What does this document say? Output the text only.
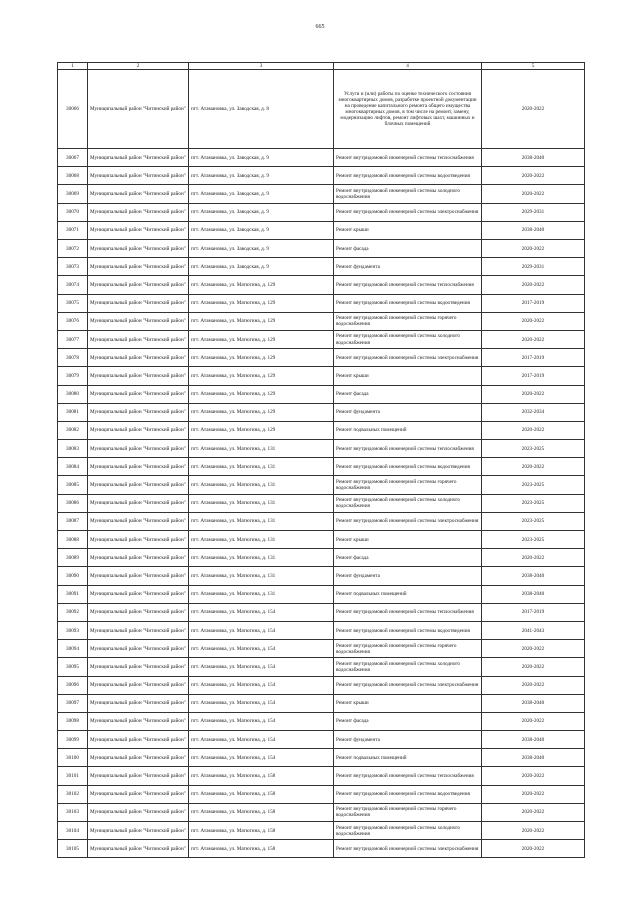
665
1	2	3	4	5
30066	Муниципальный район "Читинский район"	пгт. Атамановка, ул. Заводская, д. 8	Услуги и (или) работы по оценке технического состояния многоквартирных домов, разработке проектной документации на проведение капитального ремонта общего имущества многоквартирных домов, в том числе на ремонт, замену, модернизацию лифтов, ремонт лифтовых шахт, машинных и блочных помещений	2020-2022
30067	Муниципальный район "Читинский район"	пгт. Атамановка, ул. Заводская, д. 9	Ремонт внутридомовой инженерной системы теплоснабжения	2038-2040
30068	Муниципальный район "Читинский район"	пгт. Атамановка, ул. Заводская, д. 9	Ремонт внутридомовой инженерной системы водоотведения	2020-2022
30069	Муниципальный район "Читинский район"	пгт. Атамановка, ул. Заводская, д. 9	Ремонт внутридомовой инженерной системы холодного водоснабжения	2020-2022
30070	Муниципальный район "Читинский район"	пгт. Атамановка, ул. Заводская, д. 9	Ремонт внутридомовой инженерной системы электроснабжения	2029-2031
30071	Муниципальный район "Читинский район"	пгт. Атамановка, ул. Заводская, д. 9	Ремонт крыши	2038-2040
30072	Муниципальный район "Читинский район"	пгт. Атамановка, ул. Заводская, д. 9	Ремонт фасада	2020-2022
30073	Муниципальный район "Читинский район"	пгт. Атамановка, ул. Заводская, д. 9	Ремонт фундамента	2029-2031
30074	Муниципальный район "Читинский район"	пгт. Атамановка, ул. Матюгина, д. 129	Ремонт внутридомовой инженерной системы теплоснабжения	2020-2022
30075	Муниципальный район "Читинский район"	пгт. Атамановка, ул. Матюгина, д. 129	Ремонт внутридомовой инженерной системы водоотведения	2017-2019
30076	Муниципальный район "Читинский район"	пгт. Атамановка, ул. Матюгина, д. 129	Ремонт внутридомовой инженерной системы горячего водоснабжения	2020-2022
30077	Муниципальный район "Читинский район"	пгт. Атамановка, ул. Матюгина, д. 129	Ремонт внутридомовой инженерной системы холодного водоснабжения	2020-2022
30078	Муниципальный район "Читинский район"	пгт. Атамановка, ул. Матюгина, д. 129	Ремонт внутридомовой инженерной системы электроснабжения	2017-2019
30079	Муниципальный район "Читинский район"	пгт. Атамановка, ул. Матюгина, д. 129	Ремонт крыши	2017-2019
30080	Муниципальный район "Читинский район"	пгт. Атамановка, ул. Матюгина, д. 129	Ремонт фасада	2020-2022
30081	Муниципальный район "Читинский район"	пгт. Атамановка, ул. Матюгина, д. 129	Ремонт фундамента	2032-2034
30082	Муниципальный район "Читинский район"	пгт. Атамановка, ул. Матюгина, д. 129	Ремонт подвальных помещений	2020-2022
30083	Муниципальный район "Читинский район"	пгт. Атамановка, ул. Матюгина, д. 131	Ремонт внутридомовой инженерной системы теплоснабжения	2023-2025
30084	Муниципальный район "Читинский район"	пгт. Атамановка, ул. Матюгина, д. 131	Ремонт внутридомовой инженерной системы водоотведения	2020-2022
30085	Муниципальный район "Читинский район"	пгт. Атамановка, ул. Матюгина, д. 131	Ремонт внутридомовой инженерной системы горячего водоснабжения	2023-2025
30086	Муниципальный район "Читинский район"	пгт. Атамановка, ул. Матюгина, д. 131	Ремонт внутридомовой инженерной системы холодного водоснабжения	2023-2025
30087	Муниципальный район "Читинский район"	пгт. Атамановка, ул. Матюгина, д. 131	Ремонт внутридомовой инженерной системы электроснабжения	2023-2025
30088	Муниципальный район "Читинский район"	пгт. Атамановка, ул. Матюгина, д. 131	Ремонт крыши	2023-2025
30089	Муниципальный район "Читинский район"	пгт. Атамановка, ул. Матюгина, д. 131	Ремонт фасада	2020-2022
30090	Муниципальный район "Читинский район"	пгт. Атамановка, ул. Матюгина, д. 131	Ремонт фундамента	2038-2040
30091	Муниципальный район "Читинский район"	пгт. Атамановка, ул. Матюгина, д. 131	Ремонт подвальных помещений	2038-2040
30092	Муниципальный район "Читинский район"	пгт. Атамановка, ул. Матюгина, д. 154	Ремонт внутридомовой инженерной системы теплоснабжения	2017-2019
30093	Муниципальный район "Читинский район"	пгт. Атамановка, ул. Матюгина, д. 154	Ремонт внутридомовой инженерной системы водоотведения	2041-2043
30094	Муниципальный район "Читинский район"	пгт. Атамановка, ул. Матюгина, д. 154	Ремонт внутридомовой инженерной системы горячего водоснабжения	2020-2022
30095	Муниципальный район "Читинский район"	пгт. Атамановка, ул. Матюгина, д. 154	Ремонт внутридомовой инженерной системы холодного водоснабжения	2020-2022
30096	Муниципальный район "Читинский район"	пгт. Атамановка, ул. Матюгина, д. 154	Ремонт внутридомовой инженерной системы электроснабжения	2020-2022
30097	Муниципальный район "Читинский район"	пгт. Атамановка, ул. Матюгина, д. 154	Ремонт крыши	2038-2040
30098	Муниципальный район "Читинский район"	пгт. Атамановка, ул. Матюгина, д. 154	Ремонт фасада	2020-2022
30099	Муниципальный район "Читинский район"	пгт. Атамановка, ул. Матюгина, д. 154	Ремонт фундамента	2038-2040
30100	Муниципальный район "Читинский район"	пгт. Атамановка, ул. Матюгина, д. 154	Ремонт подвальных помещений	2038-2040
30101	Муниципальный район "Читинский район"	пгт. Атамановка, ул. Матюгина, д. 158	Ремонт внутридомовой инженерной системы теплоснабжения	2020-2022
30102	Муниципальный район "Читинский район"	пгт. Атамановка, ул. Матюгина, д. 158	Ремонт внутридомовой инженерной системы водоотведения	2020-2022
30103	Муниципальный район "Читинский район"	пгт. Атамановка, ул. Матюгина, д. 158	Ремонт внутридомовой инженерной системы горячего водоснабжения	2020-2022
30104	Муниципальный район "Читинский район"	пгт. Атамановка, ул. Матюгина, д. 158	Ремонт внутридомовой инженерной системы холодного водоснабжения	2020-2022
30105	Муниципальный район "Читинский район"	пгт. Атамановка, ул. Матюгина, д. 158	Ремонт внутридомовой инженерной системы электроснабжения	2020-2022
